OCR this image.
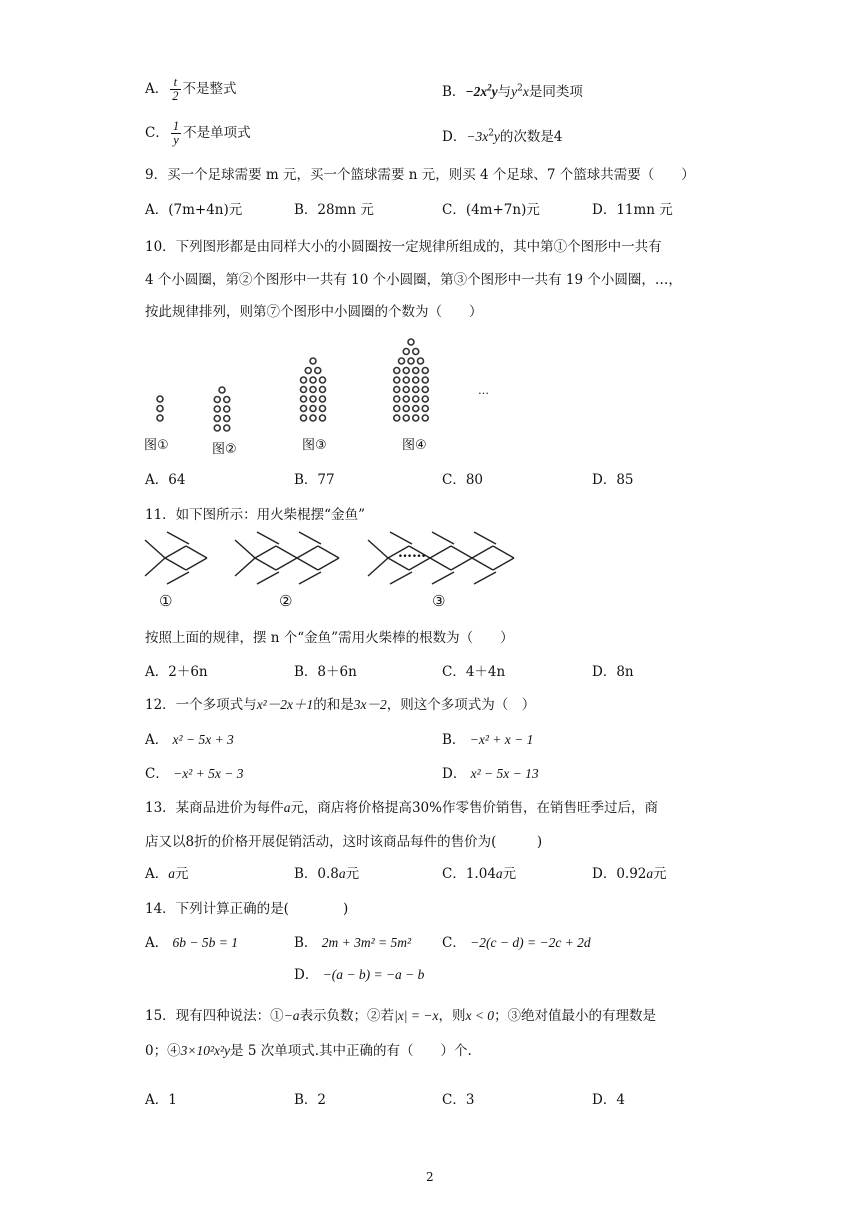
A． $\frac{t}{2}$ 不是整式	B．$-2x^2y$与$y^2x$是同类项
C． $\frac{1}{y}$ 不是单项式	D．$-3x^2y$的次数是4
9．买一个足球需要 m 元，买一个篮球需要 n 元，则买 4 个足球、7 个篮球共需要（　　）
A．(7m+4n)元	B．28mn 元	C．(4m+7n)元	D．11mn 元
10．下列图形都是由同样大小的小圆圈按一定规律所组成的，其中第①个图形中一共有
4 个小圆圈，第②个图形中一共有 10 个小圆圈，第③个图形中一共有 19 个小圆圈，…，
按此规律排列，则第⑦个图形中小圆圈的个数为（　　）
图①	图②	图③	图④
…
A．64	B．77	C．80	D．85
11．如下图所示：用火柴棍摆“金鱼”
……
①	②	③
按照上面的规律，摆 n 个“金鱼”需用火柴棒的根数为（　　）
A．2＋6n	B．8＋6n	C．4＋4n	D．8n
12．一个多项式与x²－2x＋1的和是3x－2，则这个多项式为（　）
A． x² − 5x + 3	B． −x² + x − 1
C． −x² + 5x − 3	D． x² − 5x − 13
13．某商品进价为每件a元，商店将价格提高30%作零售价销售，在销售旺季过后，商
店又以8折的价格开展促销活动，这时该商品每件的售价为(　　　)
A．a元	B．0.8a元	C．1.04a元	D．0.92a元
14．下列计算正确的是(　　　　)
A． 6b − 5b = 1	B． 2m + 3m² = 5m² C． −2(c − d) = −2c + 2d
D． −(a − b) = −a − b
15．现有四种说法：①−a表示负数；②若|x| = −x，则x < 0；③绝对值最小的有理数是
0；④3×10²x²y是 5 次单项式.其中正确的有（　　）个.
A．1	B．2	C．3	D．4
2
